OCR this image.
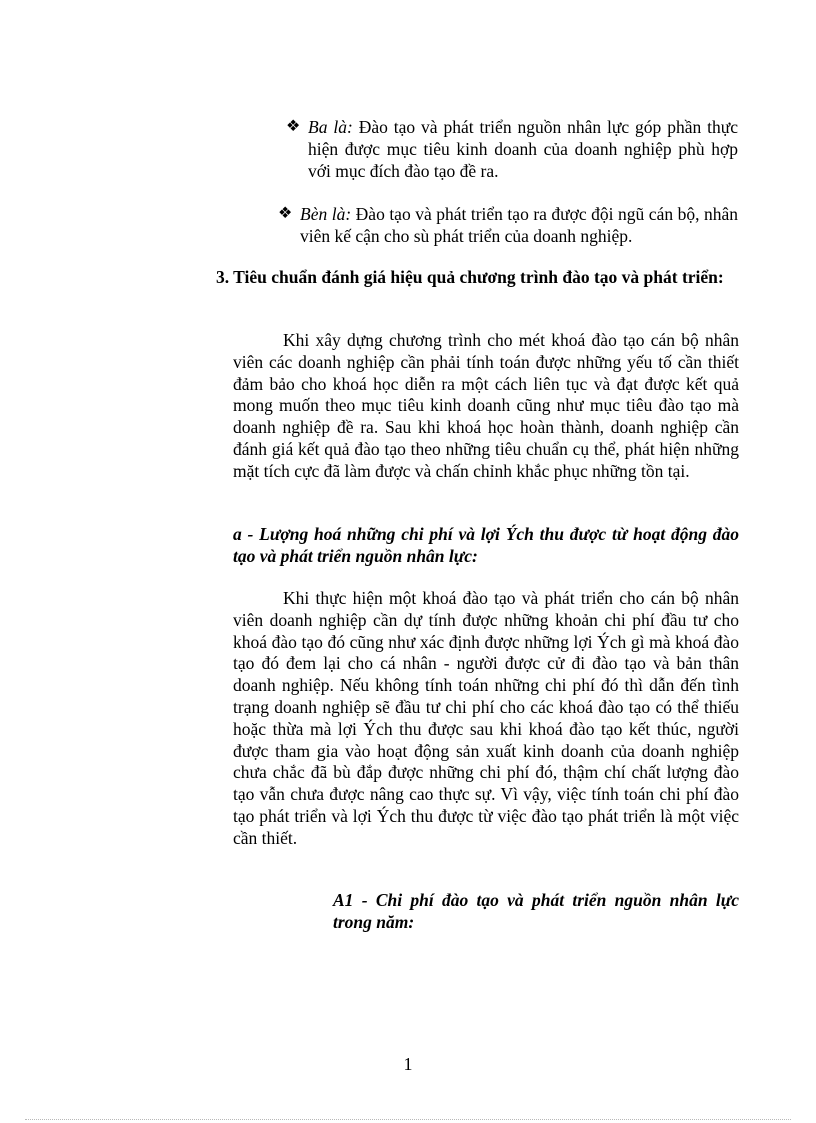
❖ Ba là: Đào tạo và phát triển nguồn nhân lực góp phần thực hiện được mục tiêu kinh doanh của doanh nghiệp phù hợp với mục đích đào tạo đề ra.
❖ Bèn là: Đào tạo và phát triển tạo ra được đội ngũ cán bộ, nhân viên kế cận cho sù phát triển của doanh nghiệp.
3. Tiêu chuẩn đánh giá hiệu quả chương trình đào tạo và phát triển:
Khi xây dựng chương trình cho mét khoá đào tạo cán bộ nhân viên các doanh nghiệp cần phải tính toán được những yếu tố cần thiết đảm bảo cho khoá học diễn ra một cách liên tục và đạt được kết quả mong muốn theo mục tiêu kinh doanh cũng như mục tiêu đào tạo mà doanh nghiệp đề ra. Sau khi khoá học hoàn thành, doanh nghiệp cần đánh giá kết quả đào tạo theo những tiêu chuẩn cụ thể, phát hiện những mặt tích cực đã làm được và chấn chỉnh khắc phục những tồn tại.
a - Lượng hoá những chi phí và lợi Ých thu được từ hoạt động đào tạo và phát triển nguồn nhân lực:
Khi thực hiện một khoá đào tạo và phát triển cho cán bộ nhân viên doanh nghiệp cần dự tính được những khoản chi phí đầu tư cho khoá đào tạo đó cũng như xác định được những lợi Ých gì mà khoá đào tạo đó đem lại cho cá nhân - người được cử đi đào tạo và bản thân doanh nghiệp. Nếu không tính toán những chi phí đó thì dẫn đến tình trạng doanh nghiệp sẽ đầu tư chi phí cho các khoá đào tạo có thể thiếu hoặc thừa mà lợi Ých thu được sau khi khoá đào tạo kết thúc, người được tham gia vào hoạt động sản xuất kinh doanh của doanh nghiệp chưa chắc đã bù đắp được những chi phí đó, thậm chí chất lượng đào tạo vẫn chưa được nâng cao thực sự. Vì vậy, việc tính toán chi phí đào tạo phát triển và lợi Ých thu được từ việc đào tạo phát triển là một việc cần thiết.
A1 - Chi phí đào tạo và phát triển nguồn nhân lực trong năm:
1
